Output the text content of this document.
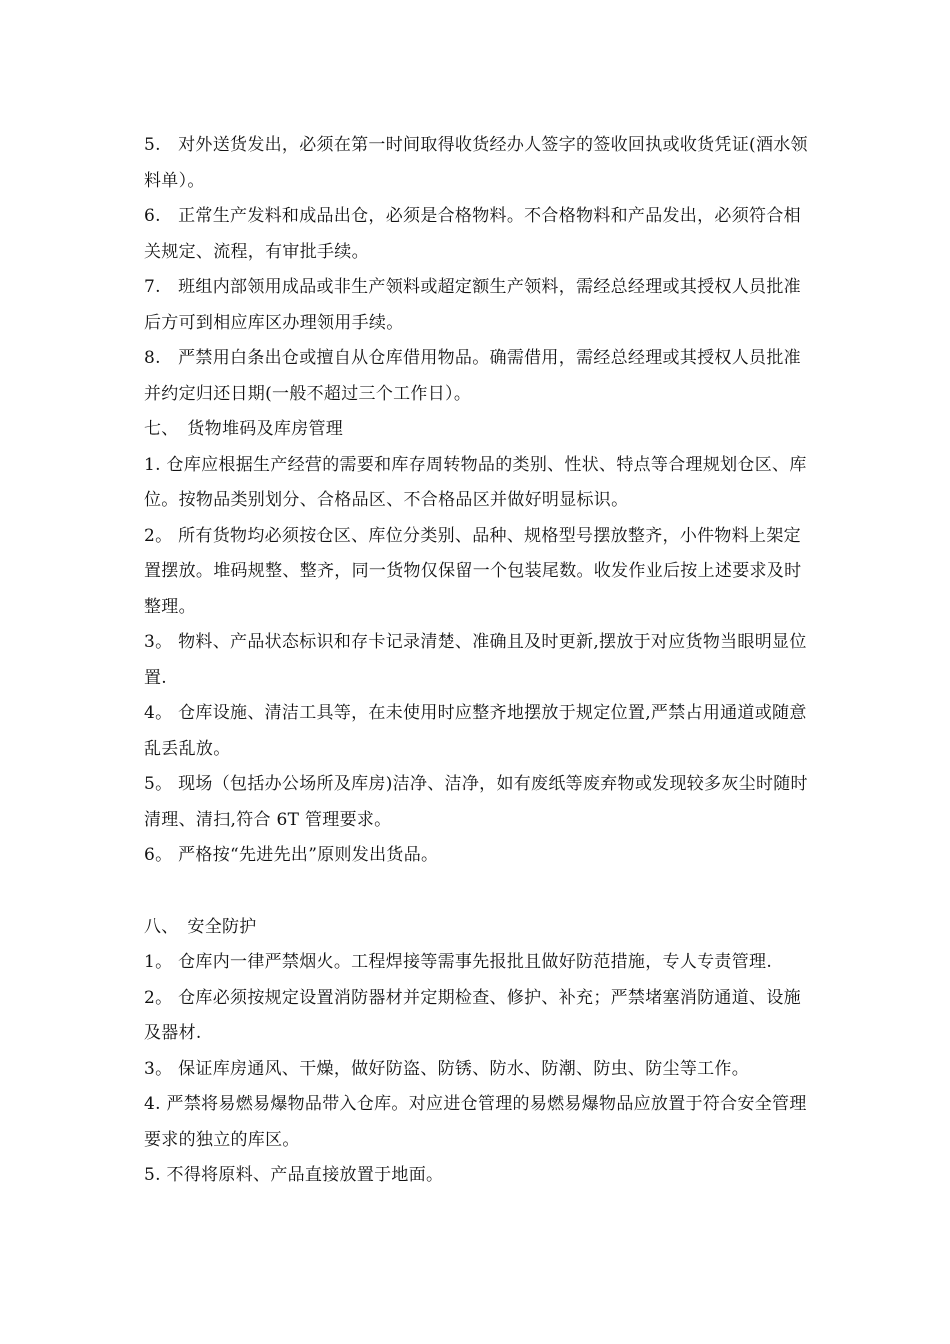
5.　对外送货发出，必须在第一时间取得收货经办人签字的签收回执或收货凭证(酒水领料单）。

6.　正常生产发料和成品出仓，必须是合格物料。不合格物料和产品发出，必须符合相关规定、流程，有审批手续。

7.　班组内部领用成品或非生产领料或超定额生产领料，需经总经理或其授权人员批准后方可到相应库区办理领用手续。

8.　严禁用白条出仓或擅自从仓库借用物品。确需借用，需经总经理或其授权人员批准并约定归还日期(一般不超过三个工作日）。

七、　货物堆码及库房管理

1. 仓库应根据生产经营的需要和库存周转物品的类别、性状、特点等合理规划仓区、库位。按物品类别划分、合格品区、不合格品区并做好明显标识。

2。 所有货物均必须按仓区、库位分类别、品种、规格型号摆放整齐，小件物料上架定置摆放。堆码规整、整齐，同一货物仅保留一个包装尾数。收发作业后按上述要求及时整理。

3。 物料、产品状态标识和存卡记录清楚、准确且及时更新,摆放于对应货物当眼明显位置.

4。 仓库设施、清洁工具等，在未使用时应整齐地摆放于规定位置,严禁占用通道或随意乱丢乱放。

5。 现场（包括办公场所及库房)洁净、洁净，如有废纸等废弃物或发现较多灰尘时随时清理、清扫,符合 6T 管理要求。

6。 严格按“先进先出”原则发出货品。

八、　安全防护

1。 仓库内一律严禁烟火。工程焊接等需事先报批且做好防范措施，专人专责管理.

2。 仓库必须按规定设置消防器材并定期检查、修护、补充；严禁堵塞消防通道、设施及器材.

3。 保证库房通风、干燥，做好防盗、防锈、防水、防潮、防虫、防尘等工作。

4. 严禁将易燃易爆物品带入仓库。对应进仓管理的易燃易爆物品应放置于符合安全管理要求的独立的库区。

5. 不得将原料、产品直接放置于地面。
